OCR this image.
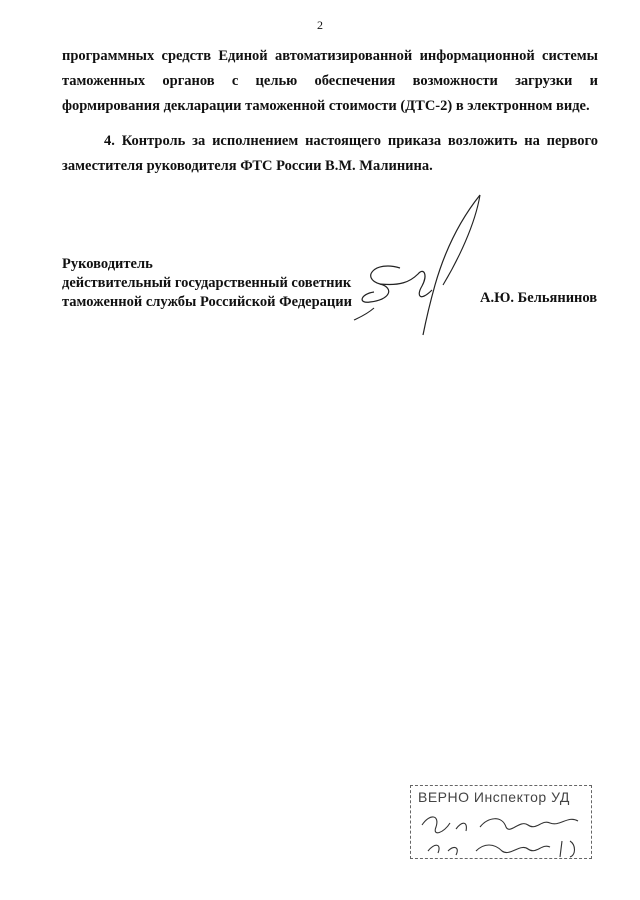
2
программных средств Единой автоматизированной информационной системы таможенных органов с целью обеспечения возможности загрузки и формирования декларации таможенной стоимости (ДТС-2) в электронном виде.
4. Контроль за исполнением настоящего приказа возложить на первого заместителя руководителя ФТС России В.М. Малинина.
Руководитель
действительный государственный советник
таможенной службы Российской Федерации	А.Ю. Бельянинов
ВЕРНО Инспектор УД
